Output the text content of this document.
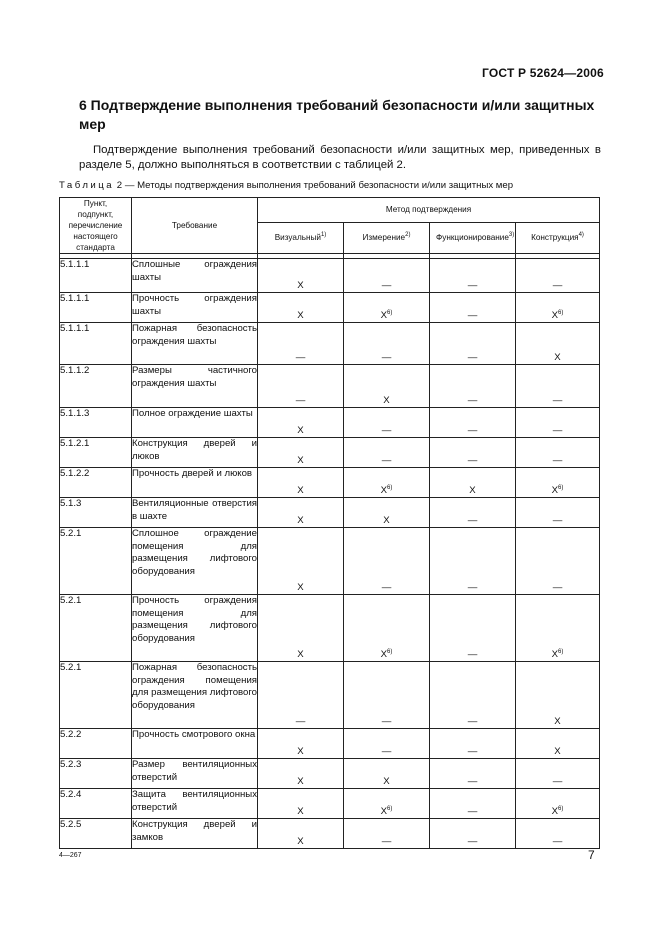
ГОСТ Р 52624—2006
6 Подтверждение выполнения требований безопасности и/или защитных мер
Подтверждение выполнения требований безопасности и/или защитных мер, приведенных в разделе 5, должно выполняться в соответствии с таблицей 2.
Таблица 2 — Методы подтверждения выполнения требований безопасности и/или защитных мер
Пункт, подпункт, перечисление настоящего стандарта	Требование	Метод подтверждения			
		Визуальный$^{1)}$	Измерение$^{2)}$	Функционирование$^{3)}$	Конструкция$^{4)}$

5.1.1.1	Сплошные ограждения шахты	X	—	—	—
5.1.1.1	Прочность ограждения шахты	X	$X^{6)}$	—	$X^{6)}$
5.1.1.1	Пожарная безопасность ограждения шахты	—	—	—	X
5.1.1.2	Размеры частичного ограждения шахты	—	X	—	—
5.1.1.3	Полное ограждение шахты	X	—	—	—
5.1.2.1	Конструкция дверей и люков	X	—	—	—
5.1.2.2	Прочность дверей и люков	X	$X^{6)}$	X	$X^{6)}$
5.1.3	Вентиляционные отверстия в шахте	X	X	—	—
5.2.1	Сплошное ограждение помещения для размещения лифтового оборудования	X	—	—	—
5.2.1	Прочность ограждения помещения для размещения лифтового оборудования	X	$X^{6)}$	—	$X^{6)}$
5.2.1	Пожарная безопасность ограждения помещения для размещения лифтового оборудования	—	—	—	X
5.2.2	Прочность смотрового окна	X	—	—	X
5.2.3	Размер вентиляционных отверстий	X	X	—	—
5.2.4	Защита вентиляционных отверстий	X	$X^{6)}$	—	$X^{6)}$
5.2.5	Конструкция дверей и замков	X	—	—	—
4—267	7
